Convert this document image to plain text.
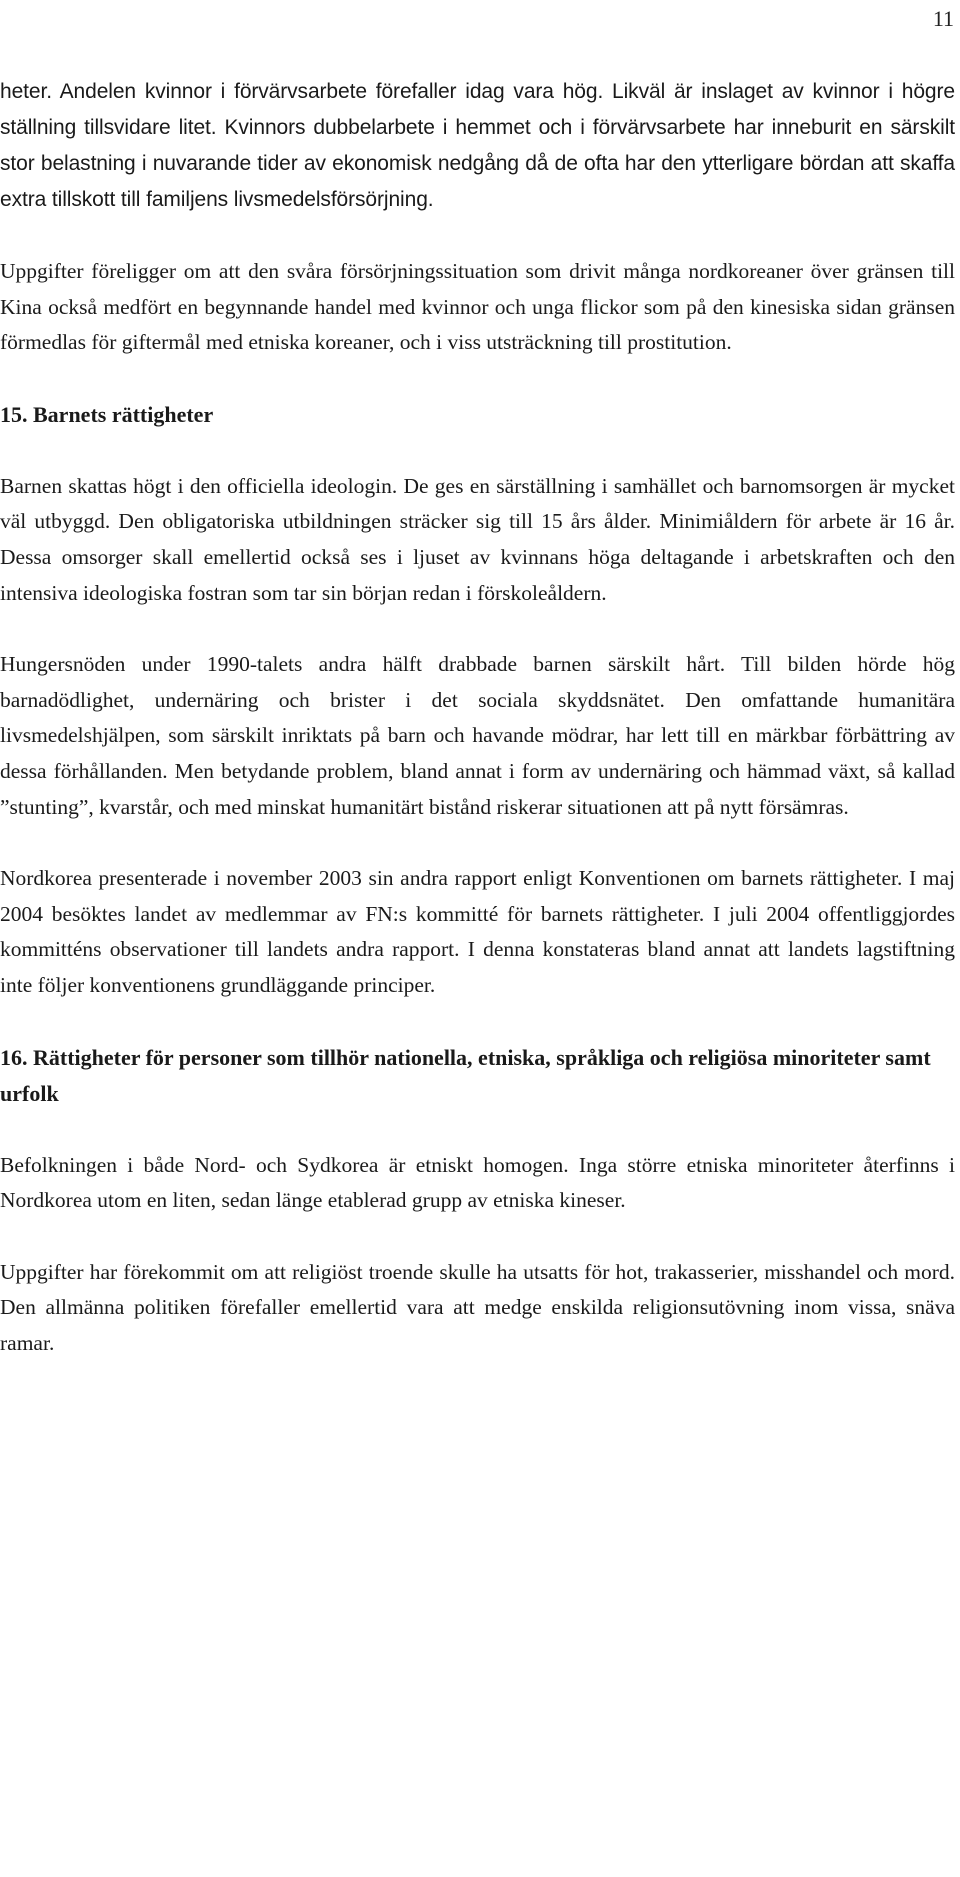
11

heter. Andelen kvinnor i förvärvsarbete förefaller idag vara hög. Likväl är inslaget av kvinnor i högre ställning tillsvidare litet. Kvinnors dubbelarbete i hemmet och i förvärvsarbete har inneburit en särskilt stor belastning i nuvarande tider av ekonomisk nedgång då de ofta har den ytterligare bördan att skaffa extra tillskott till familjens livsmedelsförsörjning.

Uppgifter föreligger om att den svåra försörjningssituation som drivit många nordkoreaner över gränsen till Kina också medfört en begynnande handel med kvinnor och unga flickor som på den kinesiska sidan gränsen förmedlas för giftermål med etniska koreaner, och i viss utsträckning till prostitution.

15. Barnets rättigheter

Barnen skattas högt i den officiella ideologin. De ges en särställning i samhället och barnomsorgen är mycket väl utbyggd. Den obligatoriska utbildningen sträcker sig till 15 års ålder. Minimiåldern för arbete är 16 år. Dessa omsorger skall emellertid också ses i ljuset av kvinnans höga deltagande i arbetskraften och den intensiva ideologiska fostran som tar sin början redan i förskoleåldern.

Hungersnöden under 1990-talets andra hälft drabbade barnen särskilt hårt. Till bilden hörde hög barnadödlighet, undernäring och brister i det sociala skyddsnätet. Den omfattande humanitära livsmedelshjälpen, som särskilt inriktats på barn och havande mödrar, har lett till en märkbar förbättring av dessa förhållanden. Men betydande problem, bland annat i form av undernäring och hämmad växt, så kallad ”stunting”, kvarstår, och med minskat humanitärt bistånd riskerar situationen att på nytt försämras.

Nordkorea presenterade i november 2003 sin andra rapport enligt Konventionen om barnets rättigheter. I maj 2004 besöktes landet av medlemmar av FN:s kommitté för barnets rättigheter. I juli 2004 offentliggjordes kommitténs observationer till landets andra rapport. I denna konstateras bland annat att landets lagstiftning inte följer konventionens grundläggande principer.

16. Rättigheter för personer som tillhör nationella, etniska, språkliga och religiösa minoriteter samt urfolk

Befolkningen i både Nord- och Sydkorea är etniskt homogen. Inga större etniska minoriteter återfinns i Nordkorea utom en liten, sedan länge etablerad grupp av etniska kineser.

Uppgifter har förekommit om att religiöst troende skulle ha utsatts för hot, trakasserier, misshandel och mord. Den allmänna politiken förefaller emellertid vara att medge enskilda religionsutövning inom vissa, snäva ramar.
